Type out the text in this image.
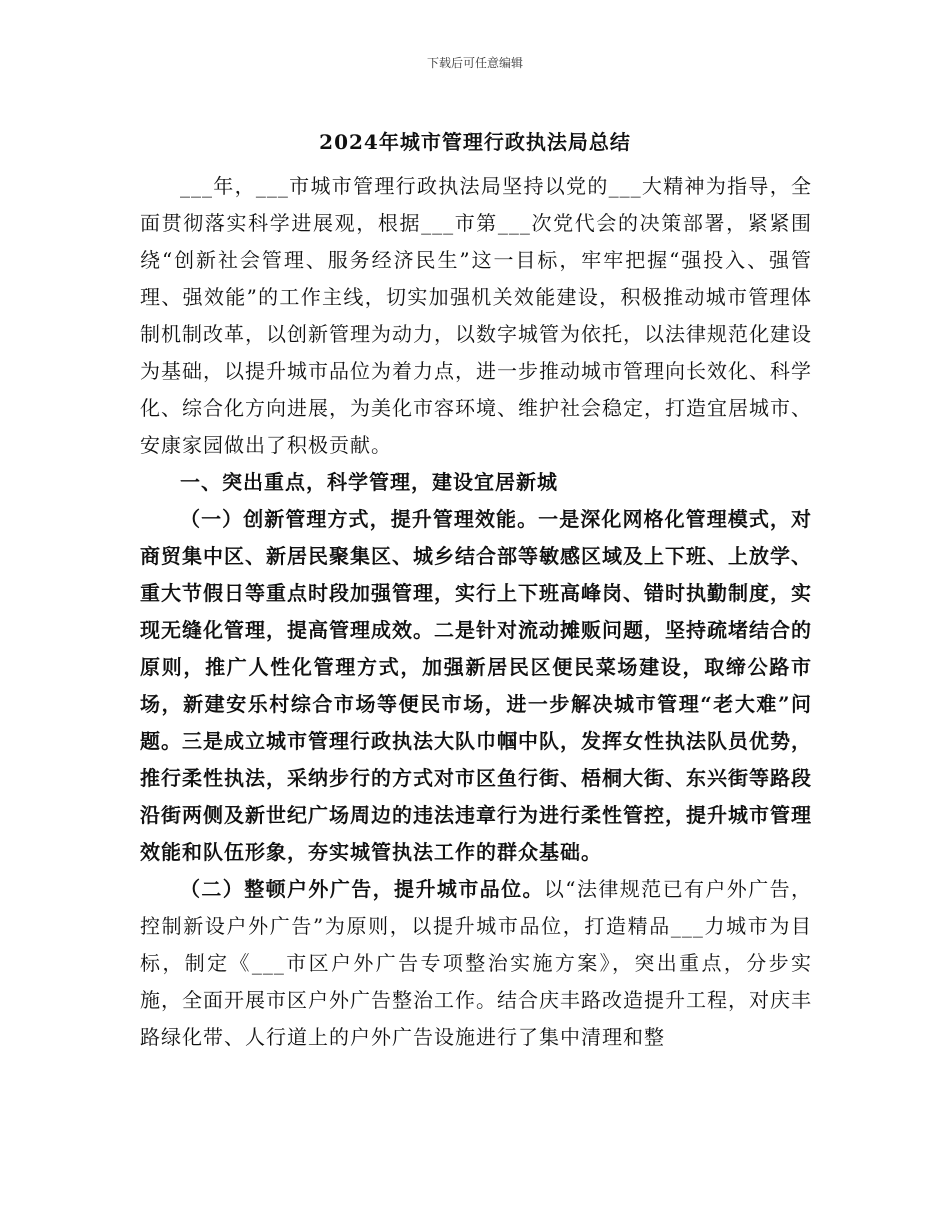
下载后可任意编辑
2024年城市管理行政执法局总结

___年，___市城市管理行政执法局坚持以党的___大精神为指导，全面贯彻落实科学进展观，根据___市第___次党代会的决策部署，紧紧围绕“创新社会管理、服务经济民生”这一目标，牢牢把握“强投入、强管理、强效能”的工作主线，切实加强机关效能建设，积极推动城市管理体制机制改革，以创新管理为动力，以数字城管为依托，以法律规范化建设为基础，以提升城市品位为着力点，进一步推动城市管理向长效化、科学化、综合化方向进展，为美化市容环境、维护社会稳定，打造宜居城市、安康家园做出了积极贡献。

一、突出重点，科学管理，建设宜居新城

（一）创新管理方式，提升管理效能。一是深化网格化管理模式，对商贸集中区、新居民聚集区、城乡结合部等敏感区域及上下班、上放学、重大节假日等重点时段加强管理，实行上下班高峰岗、错时执勤制度，实现无缝化管理，提高管理成效。二是针对流动摊贩问题，坚持疏堵结合的原则，推广人性化管理方式，加强新居民区便民菜场建设，取缔公路市场，新建安乐村综合市场等便民市场，进一步解决城市管理“老大难”问题。三是成立城市管理行政执法大队巾帼中队，发挥女性执法队员优势，推行柔性执法，采纳步行的方式对市区鱼行街、梧桐大街、东兴街等路段沿街两侧及新世纪广场周边的违法违章行为进行柔性管控，提升城市管理效能和队伍形象，夯实城管执法工作的群众基础。

（二）整顿户外广告，提升城市品位。以“法律规范已有户外广告，控制新设户外广告”为原则，以提升城市品位，打造精品___力城市为目标，制定《___市区户外广告专项整治实施方案》，突出重点，分步实施，全面开展市区户外广告整治工作。结合庆丰路改造提升工程，对庆丰路绿化带、人行道上的户外广告设施进行了集中清理和整
